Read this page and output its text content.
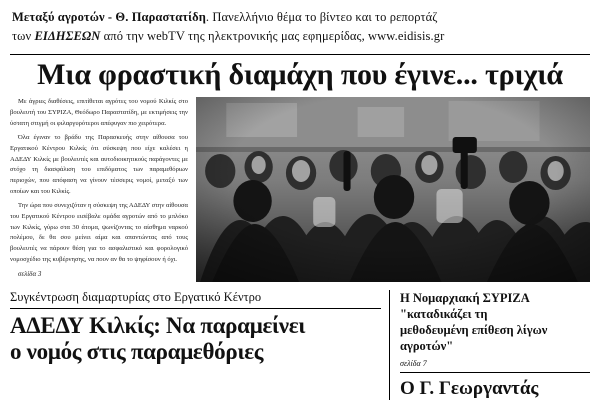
Μεταξύ αγροτών - Θ. Παραστατίδη. Πανελλήνιο θέμα το βίντεο και το ρεπορτάζ
των ΕΙΔΗΣΕΩΝ από την webTV της ηλεκτρονικής μας εφημερίδας, www.eidisis.gr
Μια φραστική διαμάχη που έγινε... τριχιά

Με άγριες διαθέσεις, επιτίθεται αγρότες του νομού Κιλκίς στο βουλευτή του ΣΥΡΙΖΑ, Θεόδωρο Παραστατίδη, με εκτιμήσεις την ύστατη στιγμή οι φιλαργυρότεροι απέφυγαν πιο χειρότερα.

Όλα έγιναν το βράδυ της Παρασκευής στην αίθουσα του Εργατικού Κέντρου Κιλκίς ότι σύσκεψη που είχε καλέσει η ΑΔΕΔΥ Κιλκίς με βουλευτές και αυτοδιοικητικούς παράγοντες με στόχο τη διασφάλιση του επιδόματος των παραμεθόριων περιοχών, που απόφαση να γίνουν τέσσερις νομοί, μεταξύ των οποίων και του Κιλκίς.

Την ώρα που συνεχιζόταν η σύσκεψη της ΑΔΕΔΥ στην αίθουσα του Εργατικού Κέντρου εισέβαλε ομάδα αγροτών από το μπλόκο των Κιλκίς, γύρω στα 30 άτομα, ψωνίζοντας το αίσθημα ναρκού πολέμου, δε θα σου μείνει αίμα και απαντώντας από τους βουλευτές να πάρουν θέση για το ασφαλιστικό και φορολογικό νομοσχέδιο της κυβέρνησης, να πουν αν θα το ψηφίσουν ή όχι.

σελίδα 3

Συγκέντρωση διαμαρτυρίας στο Εργατικό Κέντρο
ΑΔΕΔΥ Κιλκίς: Να παραμείνει
ο νομός στις παραμεθόριες
Η Νομαρχιακή ΣΥΡΙΖΑ "καταδικάζει τη
μεθοδευμένη επίθεση λίγων αγροτών"
σελίδα 7
Ο Γ. Γεωργαντάς
